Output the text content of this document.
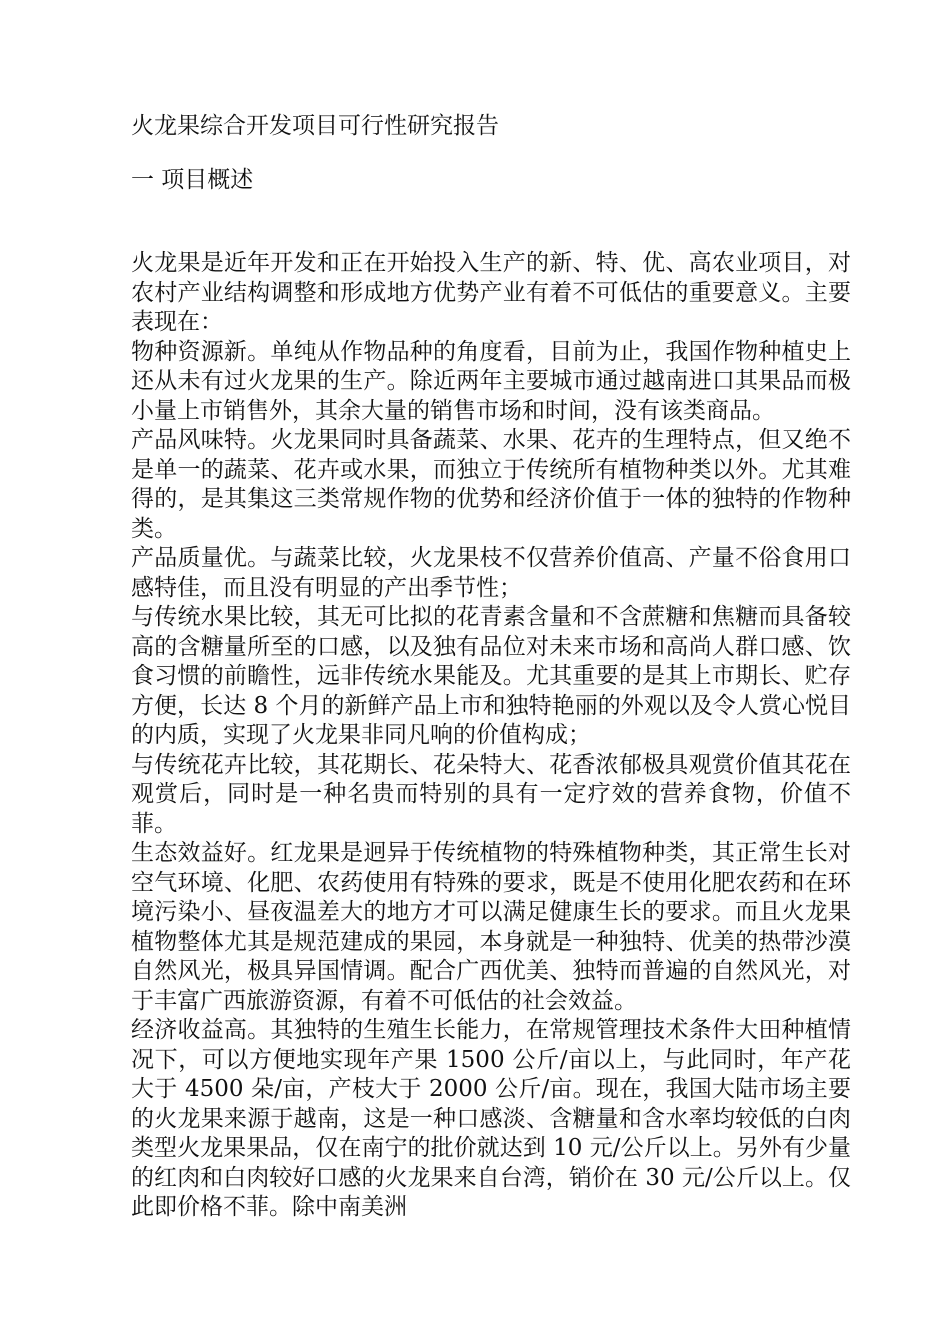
火龙果综合开发项目可行性研究报告
一 项目概述

火龙果是近年开发和正在开始投入生产的新、特、优、高农业项目，对农村产业结构调整和形成地方优势产业有着不可低估的重要意义。主要表现在：

物种资源新。单纯从作物品种的角度看，目前为止，我国作物种植史上还从未有过火龙果的生产。除近两年主要城市通过越南进口其果品而极小量上市销售外，其余大量的销售市场和时间，没有该类商品。

产品风味特。火龙果同时具备蔬菜、水果、花卉的生理特点，但又绝不是单一的蔬菜、花卉或水果，而独立于传统所有植物种类以外。尤其难得的，是其集这三类常规作物的优势和经济价值于一体的独特的作物种类。

产品质量优。与蔬菜比较，火龙果枝不仅营养价值高、产量不俗食用口感特佳，而且没有明显的产出季节性；

与传统水果比较，其无可比拟的花青素含量和不含蔗糖和焦糖而具备较高的含糖量所至的口感，以及独有品位对未来市场和高尚人群口感、饮食习惯的前瞻性，远非传统水果能及。尤其重要的是其上市期长、贮存方便，长达 8 个月的新鲜产品上市和独特艳丽的外观以及令人赏心悦目的内质，实现了火龙果非同凡响的价值构成；

与传统花卉比较，其花期长、花朵特大、花香浓郁极具观赏价值其花在观赏后，同时是一种名贵而特别的具有一定疗效的营养食物，价值不菲。

生态效益好。红龙果是迥异于传统植物的特殊植物种类，其正常生长对空气环境、化肥、农药使用有特殊的要求，既是不使用化肥农药和在环境污染小、昼夜温差大的地方才可以满足健康生长的要求。而且火龙果植物整体尤其是规范建成的果园，本身就是一种独特、优美的热带沙漠自然风光，极具异国情调。配合广西优美、独特而普遍的自然风光，对于丰富广西旅游资源，有着不可低估的社会效益。

经济收益高。其独特的生殖生长能力，在常规管理技术条件大田种植情况下，可以方便地实现年产果 1500 公斤/亩以上，与此同时，年产花大于 4500 朵/亩，产枝大于 2000 公斤/亩。现在，我国大陆市场主要的火龙果来源于越南，这是一种口感淡、含糖量和含水率均较低的白肉类型火龙果果品，仅在南宁的批价就达到 10 元/公斤以上。另外有少量的红肉和白肉较好口感的火龙果来自台湾，销价在 30 元/公斤以上。仅此即价格不菲。除中南美洲
